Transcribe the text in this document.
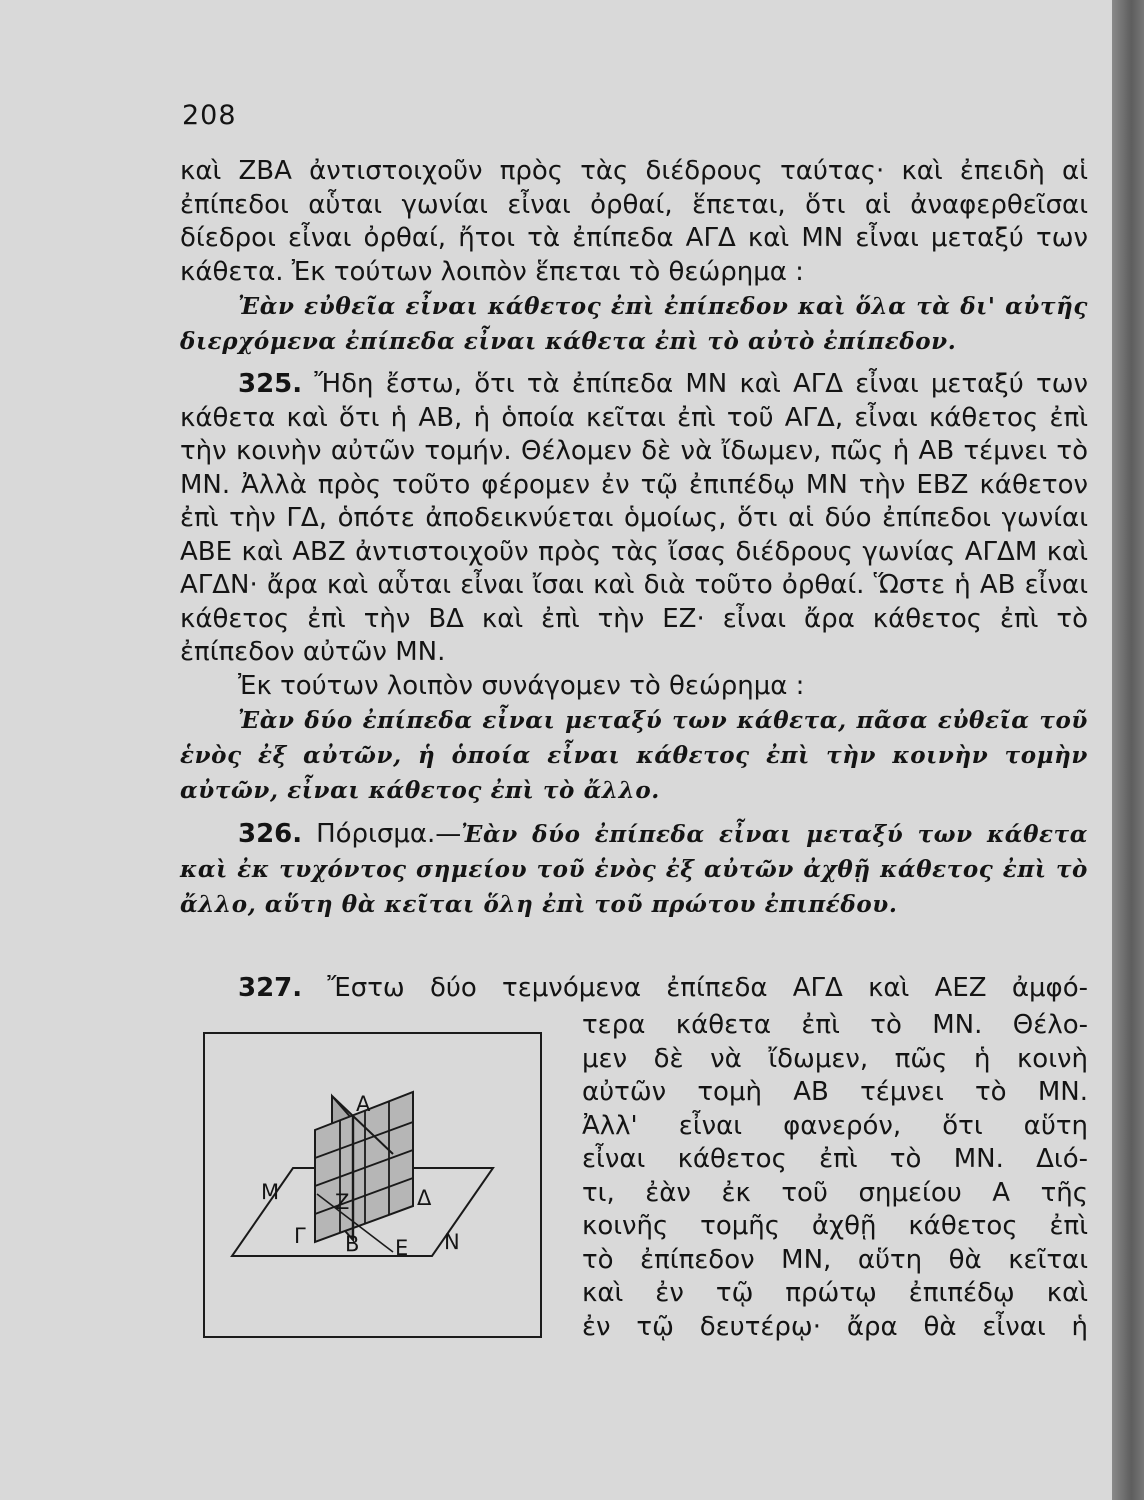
208

καὶ ΖΒΑ ἀντιστοιχοῦν πρὸς τὰς διέδρους ταύτας· καὶ ἐπειδὴ αἱ ἐπίπεδοι αὗται γωνίαι εἶναι ὀρθαί, ἕπεται, ὅτι αἱ ἀναφερθεῖσαι δίεδροι εἶναι ὀρθαί, ἤτοι τὰ ἐπίπεδα ΑΓΔ καὶ ΜΝ εἶναι μεταξύ των κάθετα. Ἐκ τούτων λοιπὸν ἕπεται τὸ θεώρημα :

Ἐὰν εὐθεῖα εἶναι κάθετος ἐπὶ ἐπίπεδον καὶ ὅλα τὰ δι' αὐτῆς διερχόμενα ἐπίπεδα εἶναι κάθετα ἐπὶ τὸ αὐτὸ ἐπίπεδον.

325. Ἤδη ἔστω, ὅτι τὰ ἐπίπεδα ΜΝ καὶ ΑΓΔ εἶναι μεταξύ των κάθετα καὶ ὅτι ἡ ΑΒ, ἡ ὁποία κεῖται ἐπὶ τοῦ ΑΓΔ, εἶναι κάθετος ἐπὶ τὴν κοινὴν αὐτῶν τομήν. Θέλομεν δὲ νὰ ἴδωμεν, πῶς ἡ ΑΒ τέμνει τὸ ΜΝ. Ἀλλὰ πρὸς τοῦτο φέρομεν ἐν τῷ ἐπιπέδῳ ΜΝ τὴν ΕΒΖ κάθετον ἐπὶ τὴν ΓΔ, ὁπότε ἀποδεικνύεται ὁμοίως, ὅτι αἱ δύο ἐπίπεδοι γωνίαι ΑΒΕ καὶ ΑΒΖ ἀντιστοιχοῦν πρὸς τὰς ἴσας διέδρους γωνίας ΑΓΔΜ καὶ ΑΓΔΝ· ἄρα καὶ αὗται εἶναι ἴσαι καὶ διὰ τοῦτο ὀρθαί. Ὥστε ἡ ΑΒ εἶναι κάθετος ἐπὶ τὴν ΒΔ καὶ ἐπὶ τὴν ΕΖ· εἶναι ἄρα κάθετος ἐπὶ τὸ ἐπίπεδον αὐτῶν ΜΝ.

Ἐκ τούτων λοιπὸν συνάγομεν τὸ θεώρημα :

Ἐὰν δύο ἐπίπεδα εἶναι μεταξύ των κάθετα, πᾶσα εὐθεῖα τοῦ ἑνὸς ἐξ αὐτῶν, ἡ ὁποία εἶναι κάθετος ἐπὶ τὴν κοινὴν τομὴν αὐτῶν, εἶναι κάθετος ἐπὶ τὸ ἄλλο.

326. Πόρισμα.—Ἐὰν δύο ἐπίπεδα εἶναι μεταξύ των κάθετα καὶ ἐκ τυχόντος σημείου τοῦ ἑνὸς ἐξ αὐτῶν ἀχθῇ κάθετος ἐπὶ τὸ ἄλλο, αὕτη θὰ κεῖται ὅλη ἐπὶ τοῦ πρώτου ἐπιπέδου.

327. Ἔστω δύο τεμνόμενα ἐπίπεδα ΑΓΔ καὶ ΑΕΖ ἀμφό-

τερα κάθετα ἐπὶ τὸ ΜΝ. Θέλο-

μεν δὲ νὰ ἴδωμεν, πῶς ἡ κοινὴ

αὐτῶν τομὴ ΑΒ τέμνει τὸ ΜΝ.

Ἀλλ' εἶναι φανερόν, ὅτι αὕτη

εἶναι κάθετος ἐπὶ τὸ ΜΝ. Διό-

τι, ἐὰν ἐκ τοῦ σημείου Α τῆς

κοινῆς τομῆς ἀχθῇ κάθετος ἐπὶ

τὸ ἐπίπεδον ΜΝ, αὕτη θὰ κεῖται

καὶ ἐν τῷ πρώτῳ ἐπιπέδῳ καὶ

ἐν τῷ δευτέρῳ· ἄρα θὰ εἶναι ἡ

Α
Μ	Ζ	Δ
Γ Β Ε Ν
